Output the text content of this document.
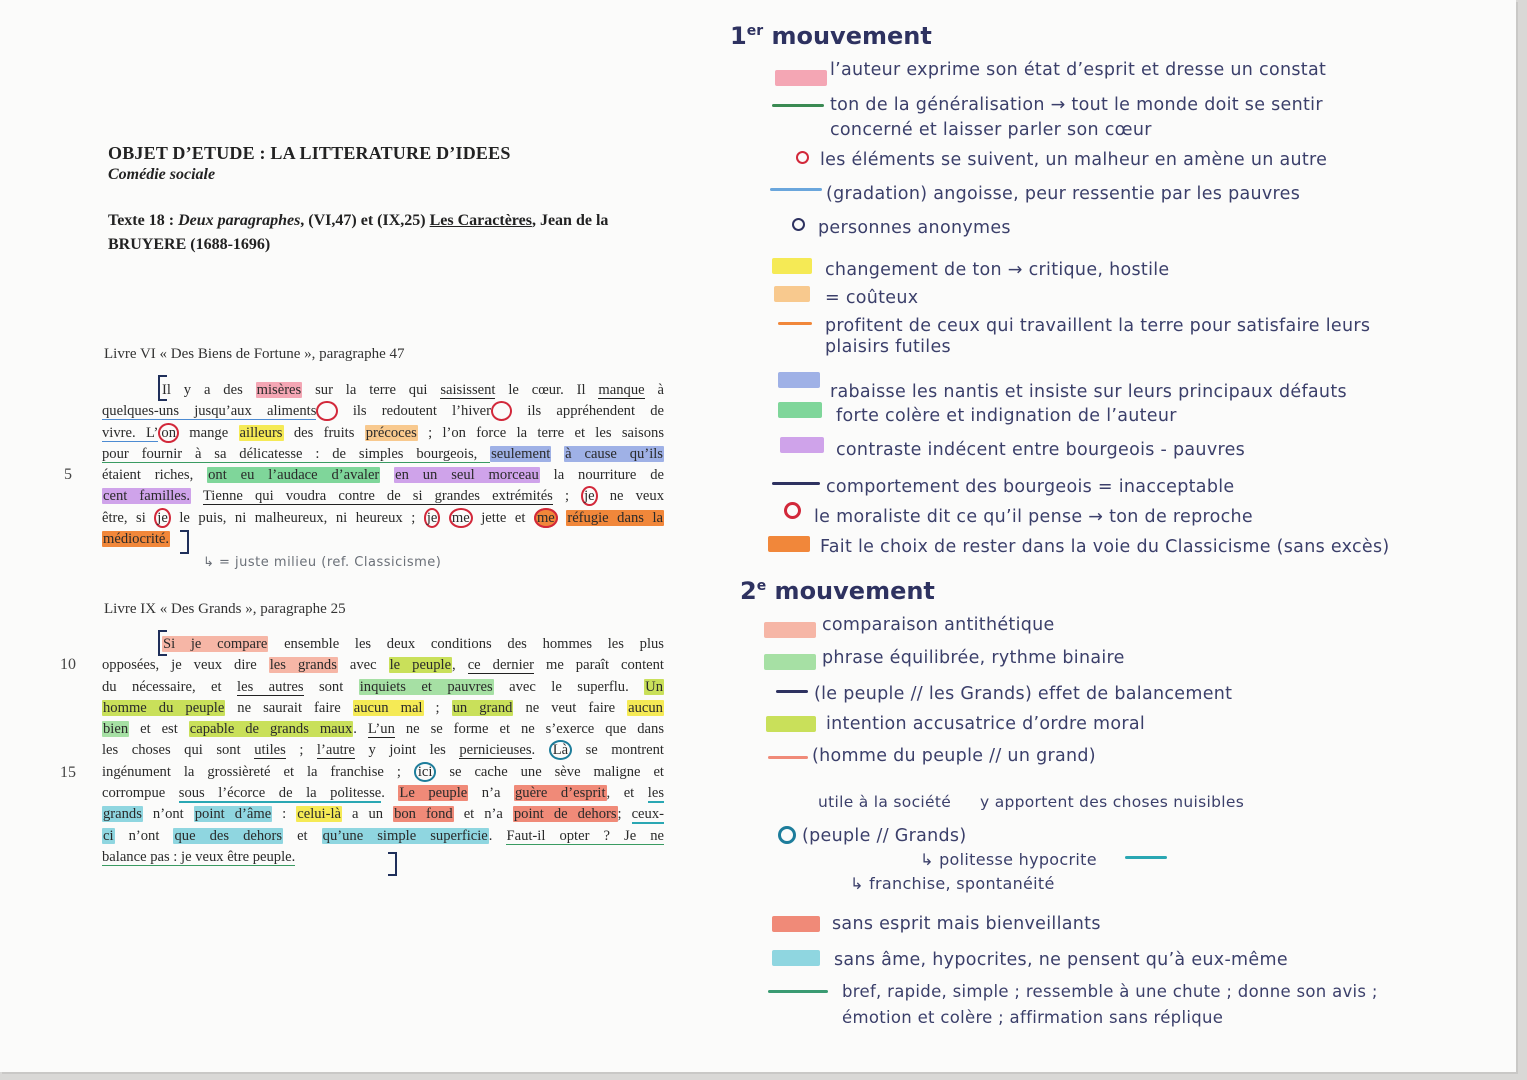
OBJET D’ETUDE : LA LITTERATURE D’IDEES
Comédie sociale
Texte 18 : Deux paragraphes, (VI,47) et (IX,25) Les Caractères, Jean de la BRUYERE (1688-1696)
Livre VI « Des Biens de Fortune », paragraphe 47
Il y a des misères sur la terre qui saisissent le cœur. Il manque à
quelques-uns jusqu’aux aliments  ils redoutent l’hiver  ils appréhendent de
vivre. L’ on mange ailleurs des fruits précoces ; l’on force la terre et les saisons
pour fournir à sa délicatesse : de simples bourgeois, seulement à cause qu’ils
étaient riches, ont eu l’audace d’avaler en un seul morceau la nourriture de
cent familles. Tienne qui voudra contre de si grandes extrémités ; je ne veux
être, si je le puis, ni malheureux, ni heureux ; je me jette et me réfugie dans la
médiocrité.
↳ = juste milieu (ref. Classicisme)
Livre IX « Des Grands », paragraphe 25
Si je compare ensemble les deux conditions des hommes les plus
opposées, je veux dire les grands avec le peuple, ce dernier me paraît content
du nécessaire, et les autres sont inquiets et pauvres avec le superflu. Un
homme du peuple ne saurait faire aucun mal ; un grand ne veut faire aucun
bien et est capable de grands maux. L’un ne se forme et ne s’exerce que dans
les choses qui sont utiles ; l’autre y joint les pernicieuses. Là se montrent
ingénument la grossièreté et la franchise ; ici se cache une sève maligne et
corrompue sous l’écorce de la politesse. Le peuple n’a guère d’esprit, et les
grands n’ont point d’âme : celui-là a un bon fond et n’a point de dehors; ceux-
ci n’ont que des dehors et qu’une simple superficie. Faut-il opter ? Je ne
balance pas : je veux être peuple.
5
10
15
1er mouvement
l’auteur exprime son état d’esprit et dresse un constat
ton de la généralisation → tout le monde doit se sentir
concerné et laisser parler son cœur
les éléments se suivent, un malheur en amène un autre
(gradation) angoisse, peur ressentie par les pauvres
personnes anonymes
changement de ton → critique, hostile
= coûteux
profitent de ceux qui travaillent la terre pour satisfaire leurs
plaisirs futiles
rabaisse les nantis et insiste sur leurs principaux défauts
forte colère et indignation de l’auteur
contraste indécent entre bourgeois - pauvres
comportement des bourgeois = inacceptable
le moraliste dit ce qu’il pense → ton de reproche
Fait le choix de rester dans la voie du Classicisme (sans excès)
2e mouvement
comparaison antithétique
phrase équilibrée, rythme binaire
(le peuple // les Grands) effet de balancement
intention accusatrice d’ordre moral
(homme du peuple // un grand)
utile à la société y apportent des choses nuisibles
(peuple // Grands)
↳ politesse hypocrite
↳ franchise, spontanéité
sans esprit mais bienveillants
sans âme, hypocrites, ne pensent qu’à eux-même
bref, rapide, simple ; ressemble à une chute ; donne son avis ;
émotion et colère ; affirmation sans réplique
